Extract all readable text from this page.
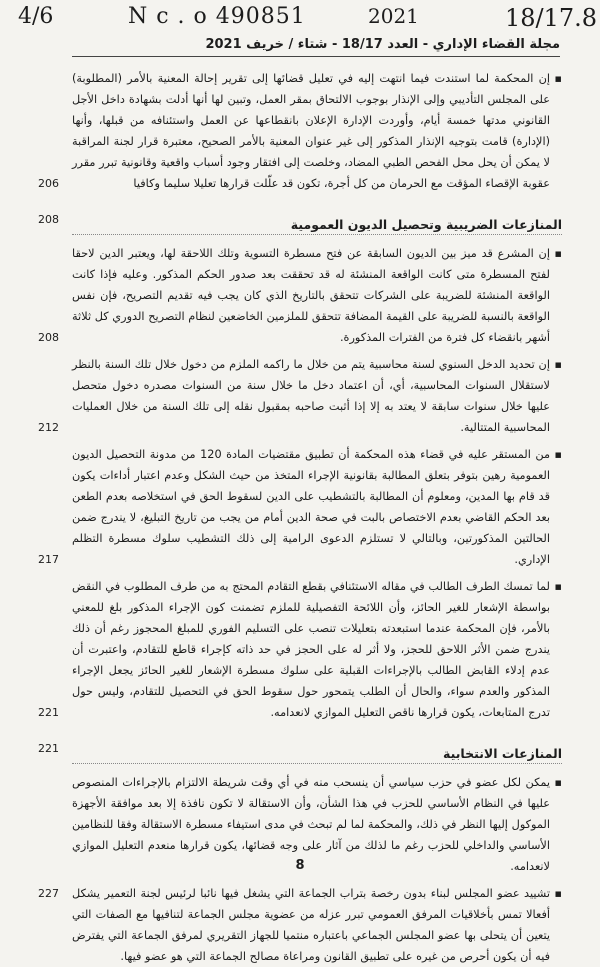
4/6	N c . o 490851	2021	18/17.8
مجلة القضاء الإداري - العدد 18/17 - شتاء / خريف 2021
▪
إن المحكمة لما استندت فيما انتهت إليه في تعليل قضائها إلى تقرير إحالة المعنية بالأمر (المطلوبة) على المجلس التأديبي وإلى الإنذار بوجوب الالتحاق بمقر العمل، وتبين لها أنها أدلت بشهادة داخل الأجل القانوني مدتها خمسة أيام، وأوردت الإدارة الإعلان بانقطاعها عن العمل واستئنافه من قبلها، وأنها (الإدارة) قامت بتوجيه الإنذار المذكور إلى غير عنوان المعنية بالأمر الصحيح، معتبرة قرار لجنة المراقبة لا يمكن أن يحل محل الفحص الطبي المضاد، وخلصت إلى افتقار وجود أسباب واقعية وقانونية تبرر مقرر عقوبة الإقصاء المؤقت مع الحرمان من كل أجرة، تكون قد علّلت قرارها تعليلا سليما وكافيا
206
المنازعات الضريبية وتحصيل الديون العمومية
208
▪
إن المشرع قد ميز بين الديون السابقة عن فتح مسطرة التسوية وتلك اللاحقة لها، ويعتبر الدين لاحقا لفتح المسطرة متى كانت الواقعة المنشئة له قد تحققت بعد صدور الحكم المذكور. وعليه فإذا كانت الواقعة المنشئة للضريبة على الشركات تتحقق بالتاريخ الذي كان يجب فيه تقديم التصريح، فإن نفس الواقعة بالنسبة للضريبة على القيمة المضافة تتحقق للملزمين الخاضعين لنظام التصريح الدوري كل ثلاثة أشهر بانقضاء كل فترة من الفترات المذكورة.
208
▪
إن تحديد الدخل السنوي لسنة محاسبية يتم من خلال ما راكمه الملزم من دخول خلال تلك السنة بالنظر لاستقلال السنوات المحاسبية، أي، أن اعتماد دخل ما خلال سنة من السنوات مصدره دخول متحصل عليها خلال سنوات سابقة لا يعتد به إلا إذا أثبت صاحبه بمقبول نقله إلى تلك السنة من خلال العمليات المحاسبية المتتالية.
212
▪
من المستقر عليه في قضاء هذه المحكمة أن تطبيق مقتضيات المادة 120 من مدونة التحصيل الديون العمومية رهين بتوفر بتعلق المطالبة بقانونية الإجراء المتخذ من حيث الشكل وعدم اعتبار أداءات يكون قد قام بها المدين، ومعلوم أن المطالبة بالتشطيب على الدين لسقوط الحق في استخلاصه بعدم الطعن بعد الحكم القاضي بعدم الاختصاص بالبت في صحة الدين أمام من يجب من تاريخ التبليغ، لا يندرج ضمن الحالتين المذكورتين، وبالتالي لا تستلزم الدعوى الرامية إلى ذلك التشطيب سلوك مسطرة التظلم الإداري.
217
▪
لما تمسك الطرف الطالب في مقاله الاستئنافي بقطع التقادم المحتج به من طرف المطلوب في النقض بواسطة الإشعار للغير الحائز، وأن اللائحة التفصيلية للملزم تضمنت كون الإجراء المذكور بلغ للمعني بالأمر، فإن المحكمة عندما استبعدته بتعليلات تنصب على التسليم الفوري للمبلغ المحجوز رغم أن ذلك يندرج ضمن الأثر اللاحق للحجز، ولا أثر له على الحجز في حد ذاته كإجراء قاطع للتقادم، واعتبرت أن عدم إدلاء القابض الطالب بالإجراءات القبلية على سلوك مسطرة الإشعار للغير الحائز يجعل الإجراء المذكور والعدم سواء، والحال أن الطلب يتمحور حول سقوط الحق في التحصيل للتقادم، وليس حول تدرج المتابعات، يكون قرارها ناقص التعليل الموازي لانعدامه.
221
المنازعات الانتخابية
221
▪
يمكن لكل عضو في حزب سياسي أن ينسحب منه في أي وقت شريطة الالتزام بالإجراءات المنصوص عليها في النظام الأساسي للحزب في هذا الشأن، وأن الاستقالة لا تكون نافذة إلا بعد موافقة الأجهزة الموكول إليها النظر في ذلك، والمحكمة لما لم تبحث في مدى استيفاء مسطرة الاستقالة وفقا للنظامين الأساسي والداخلي للحزب رغم ما لذلك من آثار على وجه قضائها، يكون قرارها منعدم التعليل الموازي لانعدامه.
▪
تشييد عضو المجلس لبناء بدون رخصة بتراب الجماعة التي يشغل فيها نائبا لرئيس لجنة التعمير يشكل أفعالا تمس بأخلاقيات المرفق العمومي تبرر عزله من عضوية مجلس الجماعة لتنافيها مع الصفات التي يتعين أن يتحلى بها عضو المجلس الجماعي باعتباره منتميا للجهاز التقريري لمرفق الجماعة التي يفترض فيه أن يكون أحرص من غيره على تطبيق القانون ومراعاة مصالح الجماعة التي هو عضو فيها.
227
8
